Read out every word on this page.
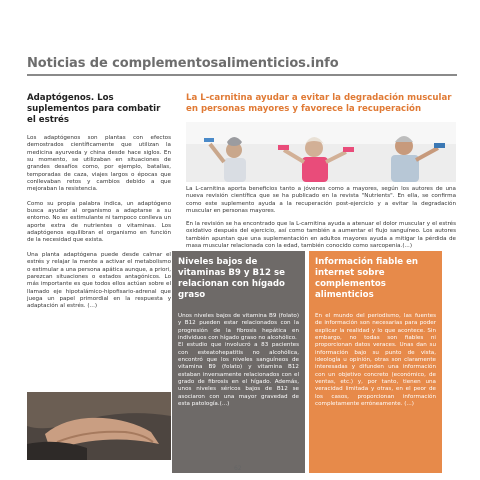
Noticias de complementosalimenticios.info
Adaptógenos. Los suplementos para combatir el estrés

Los adaptógenos son plantas con efectos demostrados científicamente que utilizan la medicina ayurveda y china desde hace siglos. En su momento, se utilizaban en situaciones de grandes desafíos como, por ejemplo, batallas, temporadas de caza, viajes largos o épocas que conllevaban retos y cambios debido a que mejoraban la resistencia.

Como su propia palabra indica, un adaptógeno busca ayudar al organismo a adaptarse a su entorno. No es estimulante ni tampoco conlleva un aporte extra de nutrientes o vitaminas. Los adaptógenos equilibran el organismo en función de la necesidad que exista.

Una planta adaptógena puede desde calmar el estrés y relajar la mente a activar el metabolismo o estimular a una persona apática aunque, a priori, parezcan situaciones o estados antagónicos. Lo más importante es que todos ellos actúan sobre el llamado eje hipotalámico-hipofisario-adrenal que juega un papel primordial en la respuesta y adaptación al estrés. (...)

La L-carnitina ayudar a evitar la degradación muscular en personas mayores y favorece la recuperación

La L-carnitina aporta beneficios tanto a jóvenes como a mayores, según los autores de una nueva revisión científica que se ha publicado en la revista "Nutrients". En ella, se confirma como este suplemento ayuda a la recuperación post-ejercicio y a evitar la degradación muscular en personas mayores.

En la revisión se ha encontrado que la L-carnitina ayuda a atenuar el dolor muscular y el estrés oxidativo después del ejercicio, así como también a aumentar el flujo sanguíneo. Los autores también apuntan que una suplementación en adultos mayores ayuda a mitigar la pérdida de masa muscular relacionada con la edad, también conocido como sarcopenia.(...)

Niveles bajos de vitaminas B9 y B12 se relacionan con hígado graso

Unos niveles bajos de vitamina B9 (folato) y B12 pueden estar relacionados con la progresión de la fibrosis hepática en individuos con hígado graso no alcohólico.

El estudio que involucró a 83 pacientes con esteatohepatitis no alcohólica, encontró que los niveles sanguíneos de vitamina B9 (folato) y vitamina B12 estaban inversamente relacionados con el grado de fibrosis en el hígado. Además, unos niveles séricos bajos de B12 se asociaron con una mayor gravedad de esta patología.(...)

Información fiable en internet sobre complementos alimenticios

En el mundo del periodismo, las fuentes de información son necesarias para poder explicar la realidad y lo que acontece. Sin embargo, no todas son fiables ni proporcionan datos veraces. Unas dan su información bajo su punto de vista, ideología u opinión, otras son claramente interesadas y difunden una información con un objetivo concreto (económico, de ventas, etc.) y, por tanto, tienen una veracidad limitada y otras, en el peor de los casos, proporcionan información completamente erróneamente. (...)

62
